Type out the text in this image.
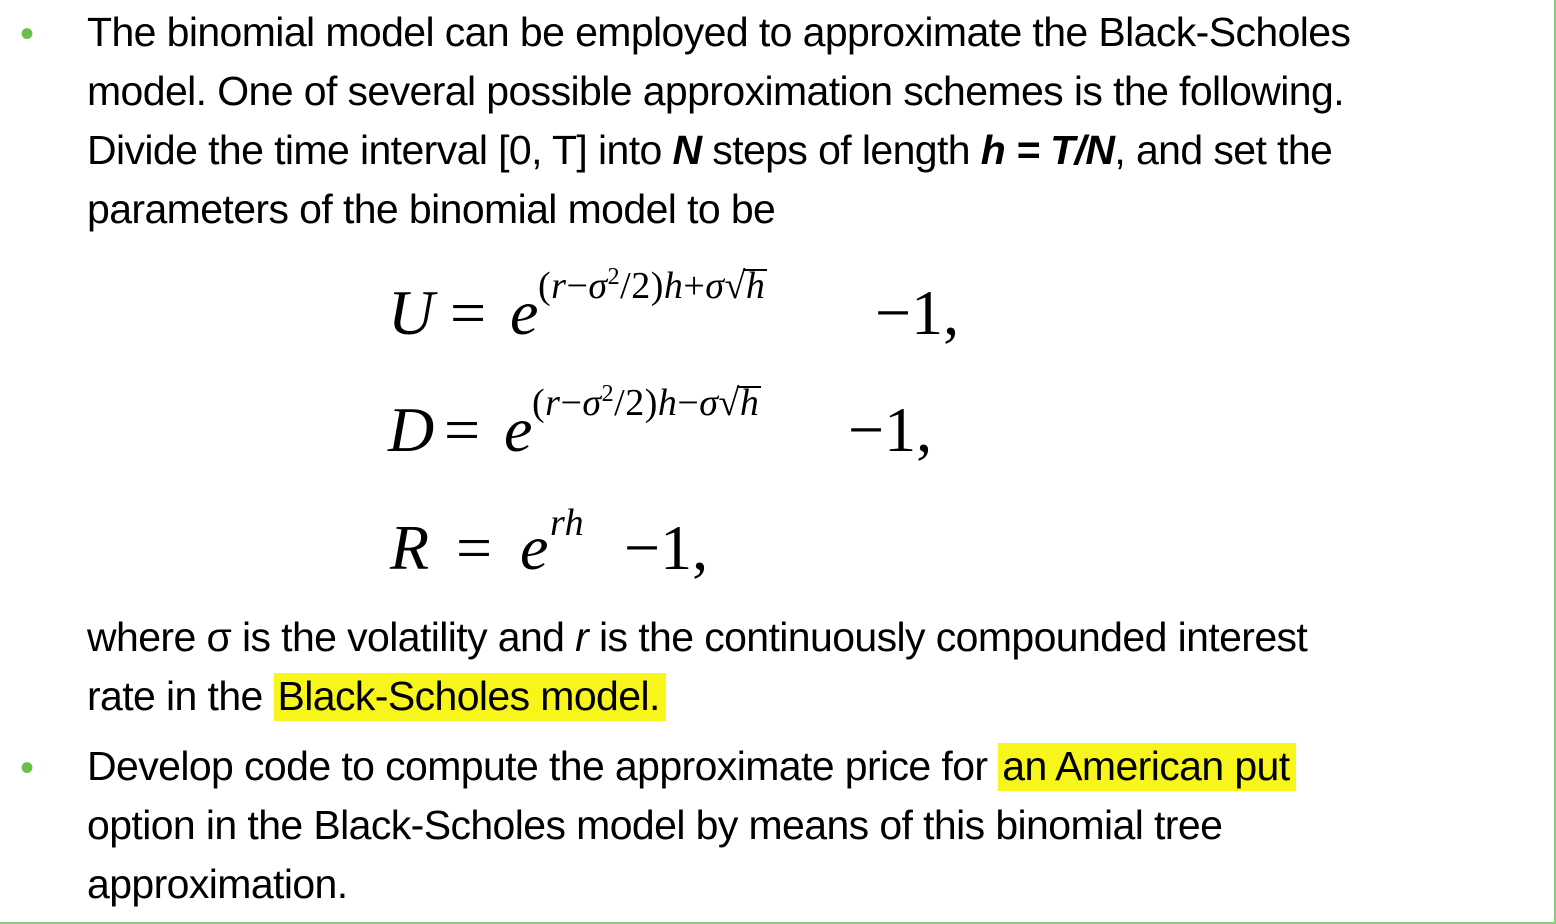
• The binomial model can be employed to approximate the Black-Scholes
model. One of several possible approximation schemes is the following.
Divide the time interval [0, T] into N steps of length h = T/N, and set the
parameters of the binomial model to be
U = e $(r-\sigma^2/2)h+\sigma√h -1$,
D = e $(r-\sigma^2/2)h-\sigma√h -1$,
R = e rh −1,
where σ is the volatility and r is the continuously compounded interest
rate in the Black-Scholes model.
• Develop code to compute the approximate price for an American put
option in the Black-Scholes model by means of this binomial tree
approximation.
